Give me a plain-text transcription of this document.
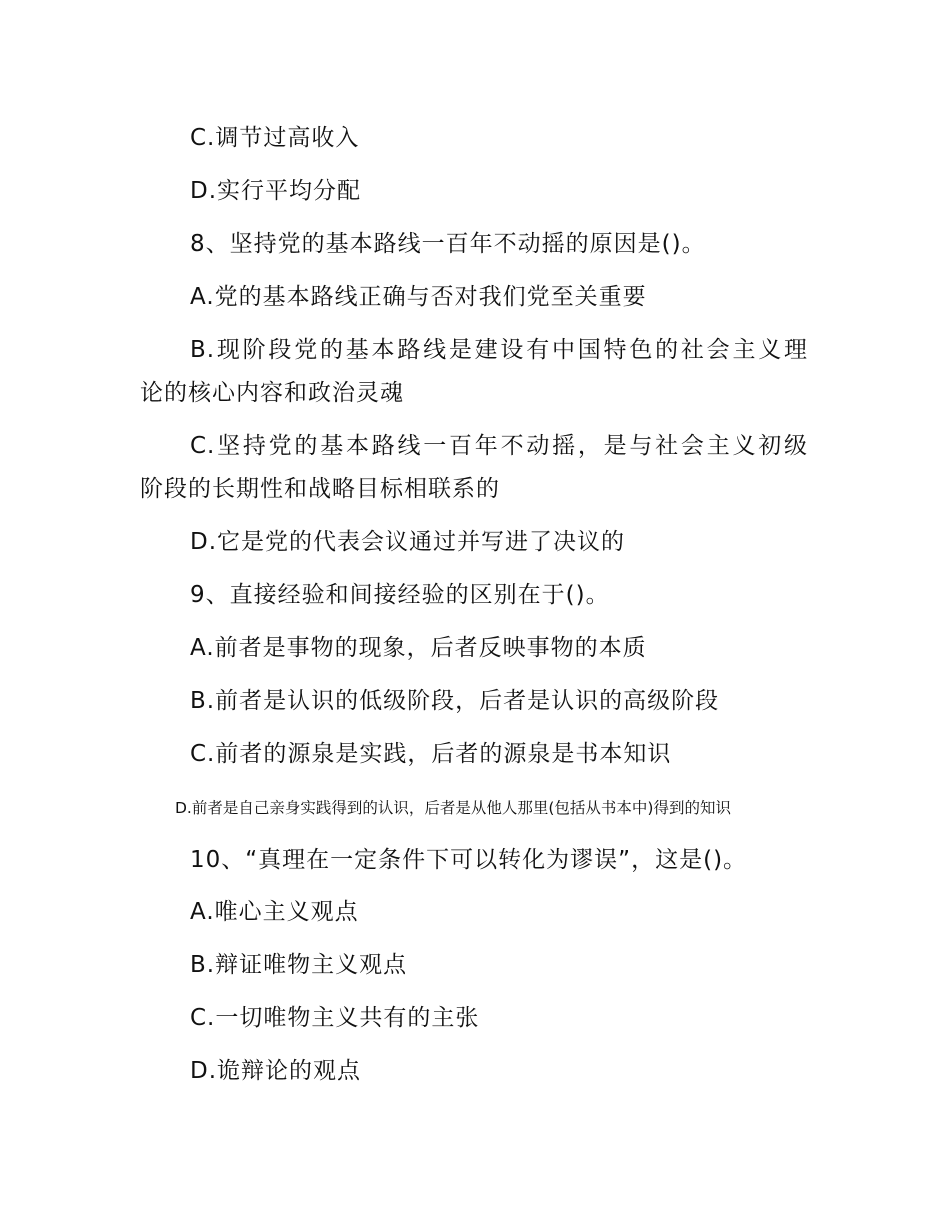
C.调节过高收入
D.实行平均分配
8、坚持党的基本路线一百年不动摇的原因是()。
A.党的基本路线正确与否对我们党至关重要
B.现阶段党的基本路线是建设有中国特色的社会主义理
论的核心内容和政治灵魂
C.坚持党的基本路线一百年不动摇，是与社会主义初级
阶段的长期性和战略目标相联系的
D.它是党的代表会议通过并写进了决议的
9、直接经验和间接经验的区别在于()。
A.前者是事物的现象，后者反映事物的本质
B.前者是认识的低级阶段，后者是认识的高级阶段
C.前者的源泉是实践，后者的源泉是书本知识
D.前者是自己亲身实践得到的认识，后者是从他人那里(包括从书本中)得到的知识
10、“真理在一定条件下可以转化为谬误”，这是()。
A.唯心主义观点
B.辩证唯物主义观点
C.一切唯物主义共有的主张
D.诡辩论的观点
